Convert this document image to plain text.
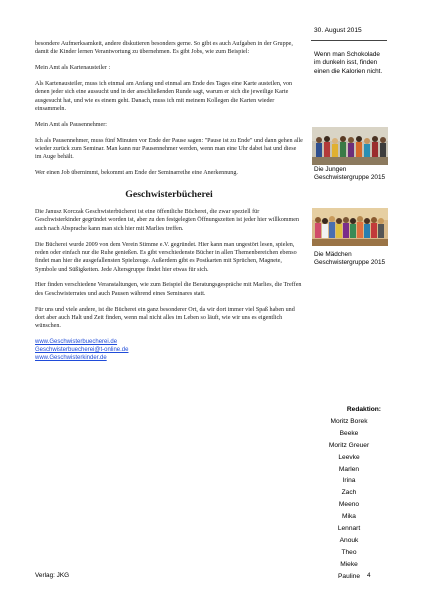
30. August 2015

besondere Aufmerksamkeit, andere diskutieren besonders gerne. So gibt es auch Aufgaben in der Gruppe, damit die Kinder lernen Verantwortung zu übernehmen. Es gibt Jobs, wie zum Beispiel:

Mein Amt als Kartenausteiler :

Als Kartenausteiler, muss ich einmal am Anfang und einmal am Ende des Tages eine Karte austeilen, von denen jeder sich eine aussucht und in der anschließenden Runde sagt, warum er sich die jeweilige Karte ausgesucht hat, und wie es einem geht. Danach, muss ich mit meinem Kollegen die Karten wieder einsammeln.

Mein Amt als Pausennehmer:

Ich als Pausennehmer, muss fünf Minuten vor Ende der Pause sagen: "Pause ist zu Ende" und dann gehen alle wieder zurück zum Seminar. Man kann nur Pausennehmer werden, wenn man eine Uhr dabei hat und diese im Auge behält.

Wer einen Job übernimmt, bekommt am Ende der Seminarreihe eine Anerkennung.

Geschwisterbücherei

Die Janusz Korczak Geschwisterbücherei ist eine öffentliche Bücherei, die zwar speziell für Geschwisterkinder gegründet worden ist, aber zu den festgelegten Öffnungszeiten ist jeder hier willkommen auch nach Absprache kann man sich hier mit Marlies treffen.

Die Bücherei wurde 2009 von dem Verein Stimme e.V. gegründet. Hier kann man ungestört lesen, spielen, reden oder einfach nur die Ruhe genießen. Es gibt verschiedenste Bücher in allen Themenbereichen ebenso findet man hier die ausgefallensten Spielzeuge. Außerdem gibt es Postkarten mit Sprüchen, Magnete, Symbole und Süßigkeiten. Jede Altersgruppe findet hier etwas für sich.

Hier finden verschiedene Veranstaltungen, wie zum Beispiel die Beratungsgespräche mit Marlies, die Treffen des Geschwisterrates und auch Pausen während eines Seminares statt.

Für uns und viele andere, ist die Bücherei ein ganz besonderer Ort, da wir dort immer viel Spaß haben und dort aber auch Halt und Zeit finden, wenn mal nicht alles im Leben so läuft, wie wir uns es eigentlich wünschen.

www.Geschwisterbuecherei.de
Geschwisterbuecherei@t-online.de
www.Geschwisterkinder.de
Wenn man Schokolade im dunkeln isst, finden einen die Kalorien nicht.
Die Jungen Geschwistergruppe 2015
Die Mädchen Geschwistergruppe 2015
Redaktion:
Moritz Borek
Beeke
Moritz Greuer
Leevke
Marlen
Irina
Zach
Meeno
Mika
Lennart
Anouk
Theo
Mieke
Pauline
Verlag: JKG	4
